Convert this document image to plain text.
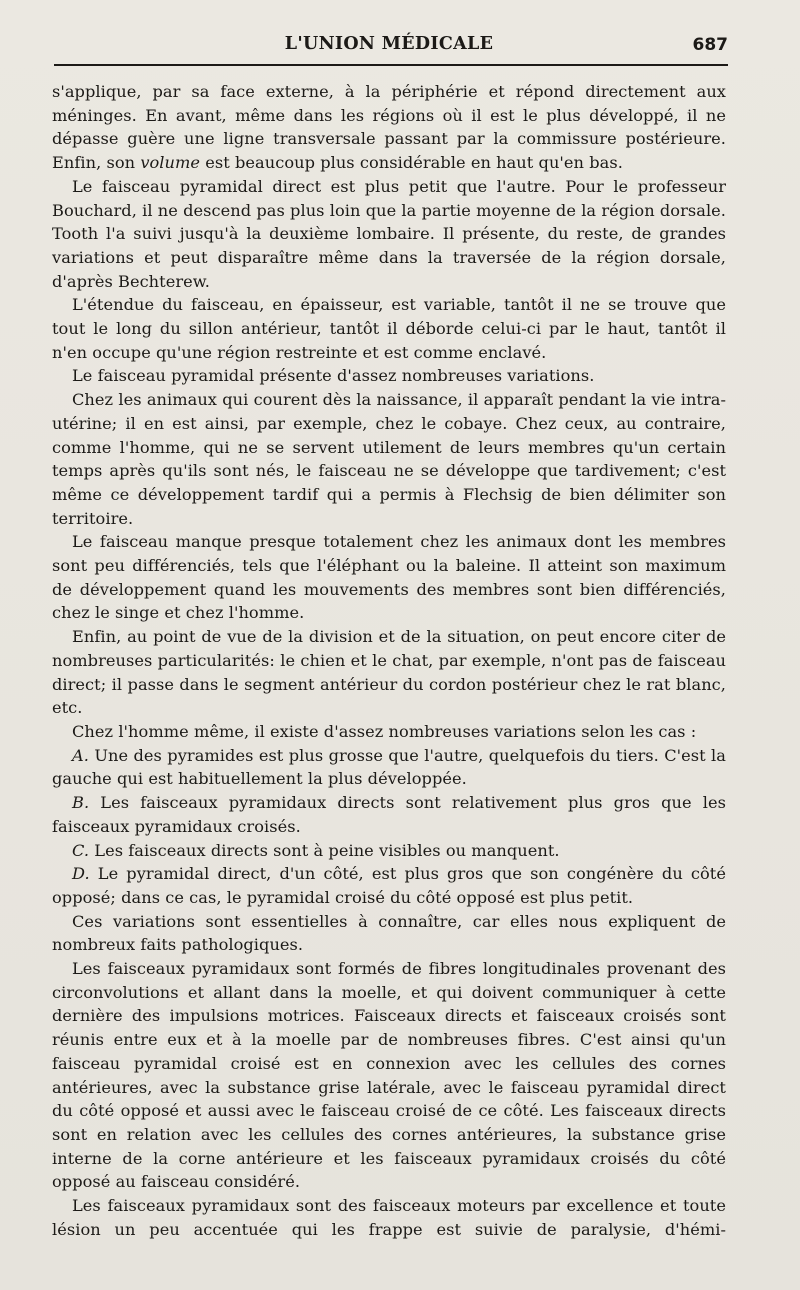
L'UNION MÉDICALE	687

s'applique, par sa face externe, à la périphérie et répond directement aux méninges. En avant, même dans les régions où il est le plus développé, il ne dépasse guère une ligne transversale passant par la commissure postérieure. Enfin, son volume est beaucoup plus considérable en haut qu'en bas.

Le faisceau pyramidal direct est plus petit que l'autre. Pour le professeur Bouchard, il ne descend pas plus loin que la partie moyenne de la région dorsale. Tooth l'a suivi jusqu'à la deuxième lombaire. Il présente, du reste, de grandes variations et peut disparaître même dans la traversée de la région dorsale, d'après Bechterew.

L'étendue du faisceau, en épaisseur, est variable, tantôt il ne se trouve que tout le long du sillon antérieur, tantôt il déborde celui-ci par le haut, tantôt il n'en occupe qu'une région restreinte et est comme enclavé.

Le faisceau pyramidal présente d'assez nombreuses variations.

Chez les animaux qui courent dès la naissance, il apparaît pendant la vie intra-utérine; il en est ainsi, par exemple, chez le cobaye. Chez ceux, au contraire, comme l'homme, qui ne se servent utilement de leurs membres qu'un certain temps après qu'ils sont nés, le faisceau ne se développe que tardivement; c'est même ce développement tardif qui a permis à Flechsig de bien délimiter son territoire.

Le faisceau manque presque totalement chez les animaux dont les membres sont peu différenciés, tels que l'éléphant ou la baleine. Il atteint son maximum de développement quand les mouvements des membres sont bien différenciés, chez le singe et chez l'homme.

Enfin, au point de vue de la division et de la situation, on peut encore citer de nombreuses particularités: le chien et le chat, par exemple, n'ont pas de faisceau direct; il passe dans le segment antérieur du cordon postérieur chez le rat blanc, etc.

Chez l'homme même, il existe d'assez nombreuses variations selon les cas :

A. Une des pyramides est plus grosse que l'autre, quelquefois du tiers. C'est la gauche qui est habituellement la plus développée.

B. Les faisceaux pyramidaux directs sont relativement plus gros que les faisceaux pyramidaux croisés.

C. Les faisceaux directs sont à peine visibles ou manquent.

D. Le pyramidal direct, d'un côté, est plus gros que son congénère du côté opposé; dans ce cas, le pyramidal croisé du côté opposé est plus petit.

Ces variations sont essentielles à connaître, car elles nous expliquent de nombreux faits pathologiques.

Les faisceaux pyramidaux sont formés de fibres longitudinales provenant des circonvolutions et allant dans la moelle, et qui doivent communiquer à cette dernière des impulsions motrices. Faisceaux directs et faisceaux croisés sont réunis entre eux et à la moelle par de nombreuses fibres. C'est ainsi qu'un faisceau pyramidal croisé est en connexion avec les cellules des cornes antérieures, avec la substance grise latérale, avec le faisceau pyramidal direct du côté opposé et aussi avec le faisceau croisé de ce côté. Les faisceaux directs sont en relation avec les cellules des cornes antérieures, la substance grise interne de la corne antérieure et les faisceaux pyramidaux croisés du côté opposé au faisceau considéré.

Les faisceaux pyramidaux sont des faisceaux moteurs par excellence et toute lésion un peu accentuée qui les frappe est suivie de paralysie, d'hémi-
